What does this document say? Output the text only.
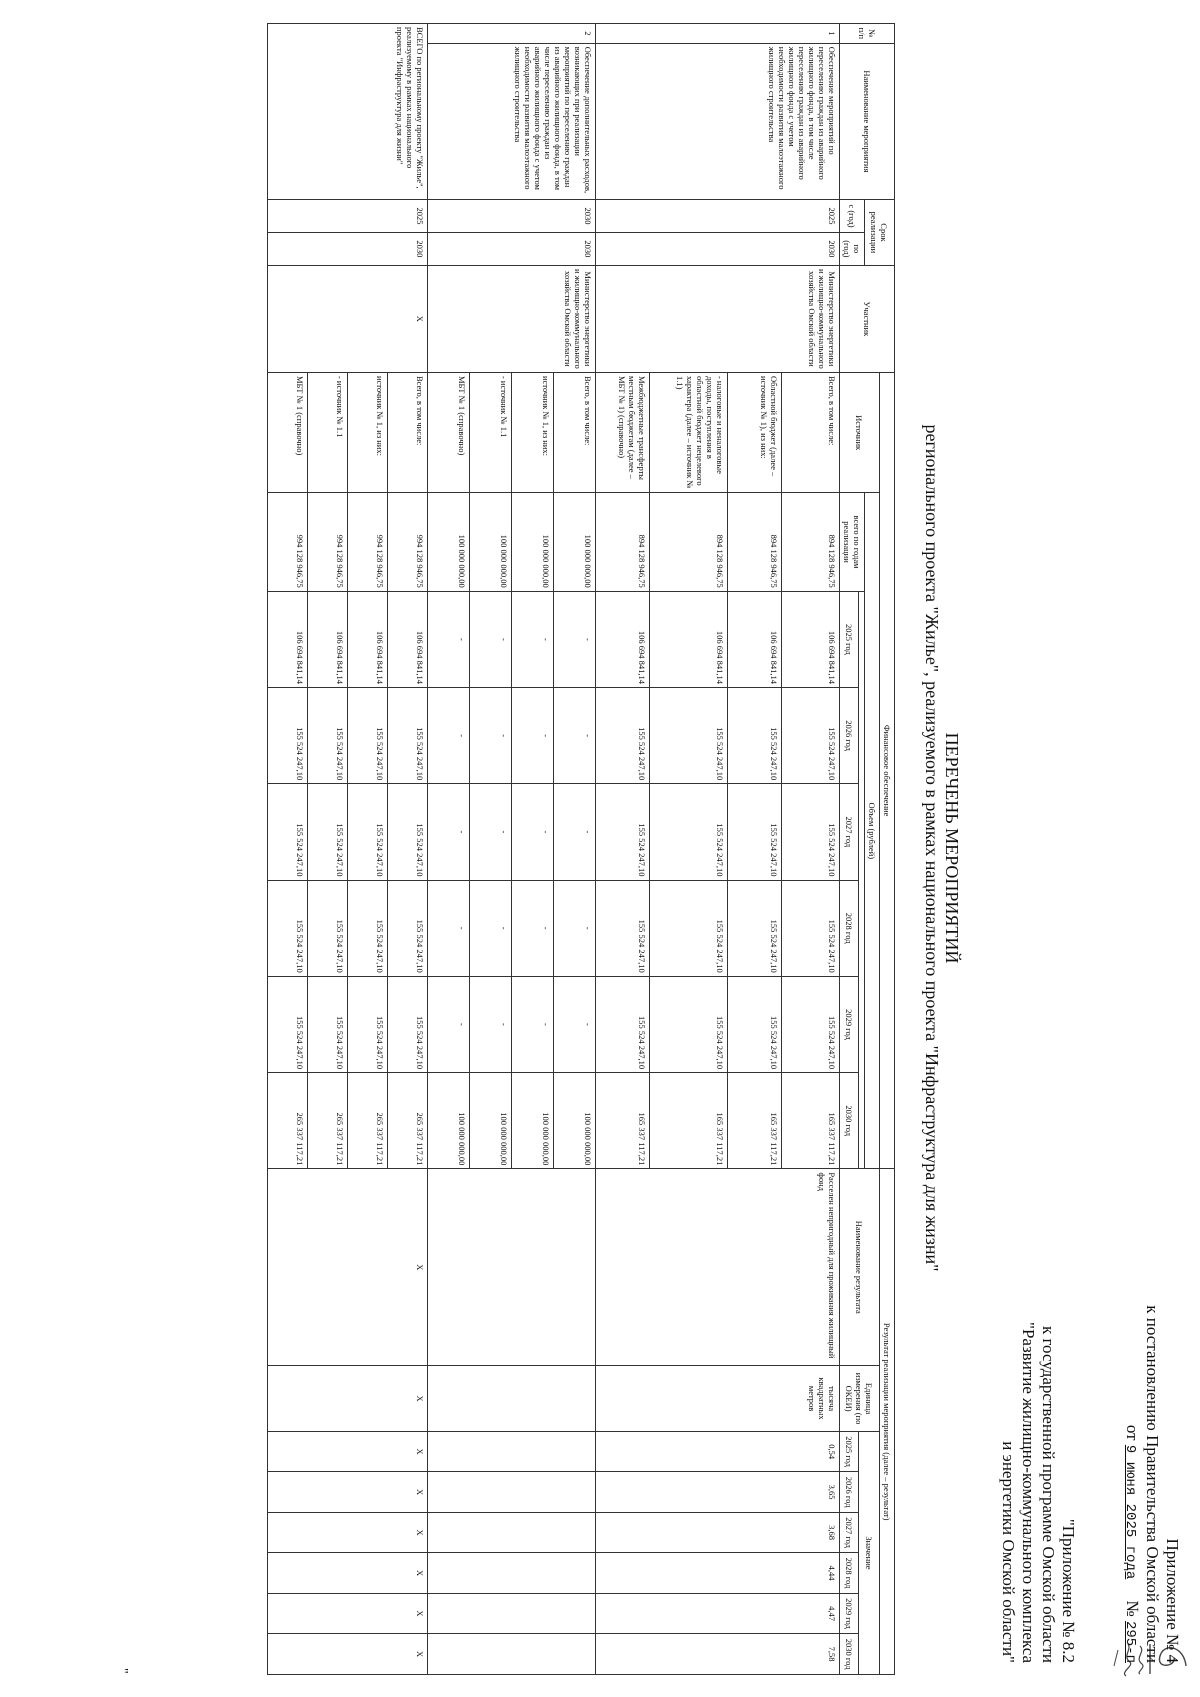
Приложение № 4
к постановлению Правительства Омской области
от 9 июня 2025 года     № 295-п
"Приложение № 8.2
к государственной программе Омской области
"Развитие жилищно-коммунального комплекса
и энергетики Омской области"
ПЕРЕЧЕНЬ МЕРОПРИЯТИЙ
регионального проекта "Жилье", реализуемого в рамках национального проекта "Инфраструктура для жизни"
№ п/п	Наименование мероприятия	Срок реализации		Участник	Финансовое обеспечение								Результат реализации мероприятия (далее – результат)							
					Источник	Объем (рублей)							Наименование результата	Единица измерения (по ОКЕИ)	Значение					
		с (год)	по (год)			всего по годам реализации														
							2025 год	2026 год	2027 год	2028 год	2029 год	2030 год			2025 год	2026 год	2027 год	2028 год	2029 год	2030 год
1	Обеспечение мероприятий по переселению граждан из аварийного жилищного фонда, в том числе переселению граждан из аварийного жилищного фонда с учетом необходимости развития малоэтажного жилищного строительства	2025	2030	Министерство энергетики и жилищно-коммунального хозяйства Омской области	Всего, в том числе:	894 128 946,75	106 694 841,14	155 524 247,10	155 524 247,10	155 524 247,10	155 524 247,10	165 337 117,21	Расселен непригодный для проживания жилищный фонд	тысяча квадратных метров	0,54	3,65	3,68	4,44	4,47	7,58
					Областной бюджет (далее – источник № 1), из них:	894 128 946,75	106 694 841,14	155 524 247,10	155 524 247,10	155 524 247,10	155 524 247,10	165 337 117,21								
					- налоговые и неналоговые доходы, поступления в областной бюджет нецелевого характера (далее – источник № 1.1)	894 128 946,75	106 694 841,14	155 524 247,10	155 524 247,10	155 524 247,10	155 524 247,10	165 337 117,21								
					Межбюджетные трансферты местным бюджетам (далее – МБТ № 1) (справочно)	894 128 946,75	106 694 841,14	155 524 247,10	155 524 247,10	155 524 247,10	155 524 247,10	165 337 117,21								
2	Обеспечение дополнительных расходов, возникающих при реализации мероприятий по переселению граждан из аварийного жилищного фонда, в том числе переселению граждан из аварийного жилищного фонда с учетом необходимости развития малоэтажного жилищного строительства	2030	2030	Министерство энергетики и жилищно-коммунального хозяйства Омской области	Всего, в том числе:	100 000 000,00	-	-	-	-	-	100 000 000,00								
					источник № 1, из них:	100 000 000,00	-	-	-	-	-	100 000 000,00								
					- источник № 1.1	100 000 000,00	-	-	-	-	-	100 000 000,00								
					МБТ № 1 (справочно)	100 000 000,00	-	-	-	-	-	100 000 000,00								
ВСЕГО по региональному проекту "Жилье", реализуемому в рамках национального проекта "Инфраструктура для жизни"		2025	2030	X	Всего, в том числе:	994 128 946,75	106 694 841,14	155 524 247,10	155 524 247,10	155 524 247,10	155 524 247,10	265 337 117,21	X	X	X	X	X	X	X	X
					источник № 1, из них:	994 128 946,75	106 694 841,14	155 524 247,10	155 524 247,10	155 524 247,10	155 524 247,10	265 337 117,21								
					- источник № 1.1	994 128 946,75	106 694 841,14	155 524 247,10	155 524 247,10	155 524 247,10	155 524 247,10	265 337 117,21								
					МБТ № 1 (справочно)	994 128 946,75	106 694 841,14	155 524 247,10	155 524 247,10	155 524 247,10	155 524 247,10	265 337 117,21								
"
